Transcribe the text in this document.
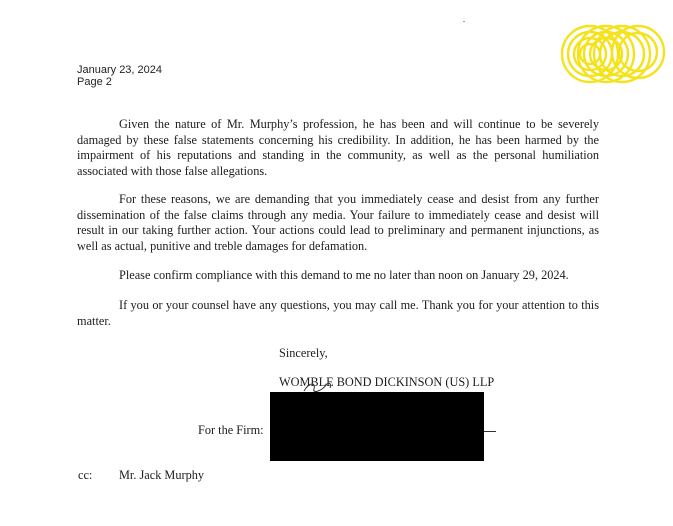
January 23, 2024
Page 2
Given the nature of Mr. Murphy’s profession, he has been and will continue to be severely damaged by these false statements concerning his credibility. In addition, he has been harmed by the impairment of his reputations and standing in the community, as well as the personal humiliation associated with those false allegations.
For these reasons, we are demanding that you immediately cease and desist from any further dissemination of the false claims through any media. Your failure to immediately cease and desist will result in our taking further action. Your actions could lead to preliminary and permanent injunctions, as well as actual, punitive and treble damages for defamation.
Please confirm compliance with this demand to me no later than noon on January 29, 2024.
If you or your counsel have any questions, you may call me. Thank you for your attention to this matter.
Sincerely,
WOMBLE BOND DICKINSON (US) LLP
For the Firm:
cc: Mr. Jack Murphy
